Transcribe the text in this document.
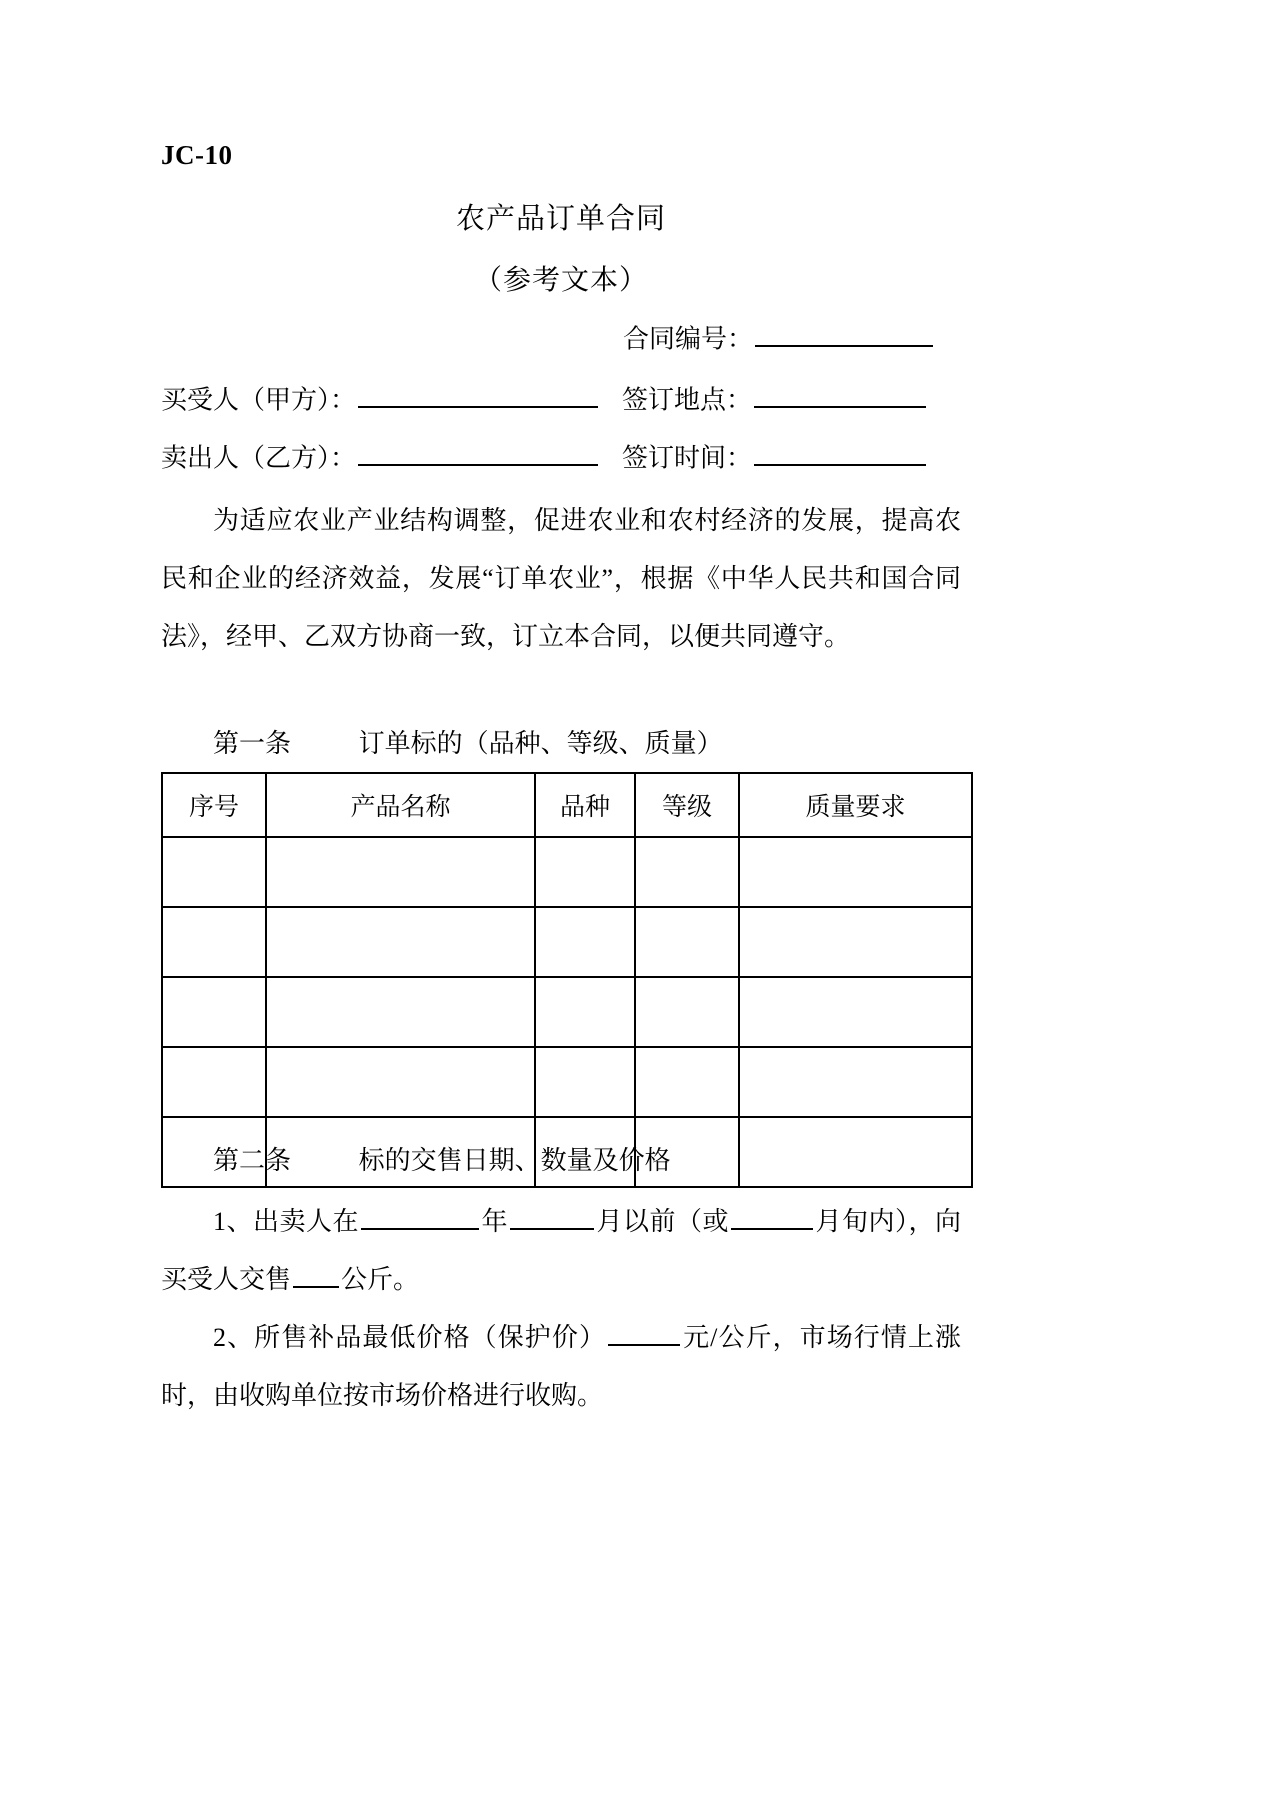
JC-10
农产品订单合同
（参考文本）
合同编号：
买受人（甲方）：	签订地点：
卖出人（乙方）：	签订时间：
为适应农业产业结构调整，促进农业和农村经济的发展，提高农民和企业的经济效益，发展“订单农业”，根据《中华人民共和国合同法》，经甲、乙双方协商一致，订立本合同，以便共同遵守。
第一条	订单标的（品种、等级、质量）
序号	产品名称	品种	等级	质量要求

第二条	标的交售日期、数量及价格
1、出卖人在	年	月以前（或	月旬内），向买受人交售 公斤。
2、所售补品最低价格（保护价）	元/公斤，市场行情上涨时，由收购单位按市场价格进行收购。
